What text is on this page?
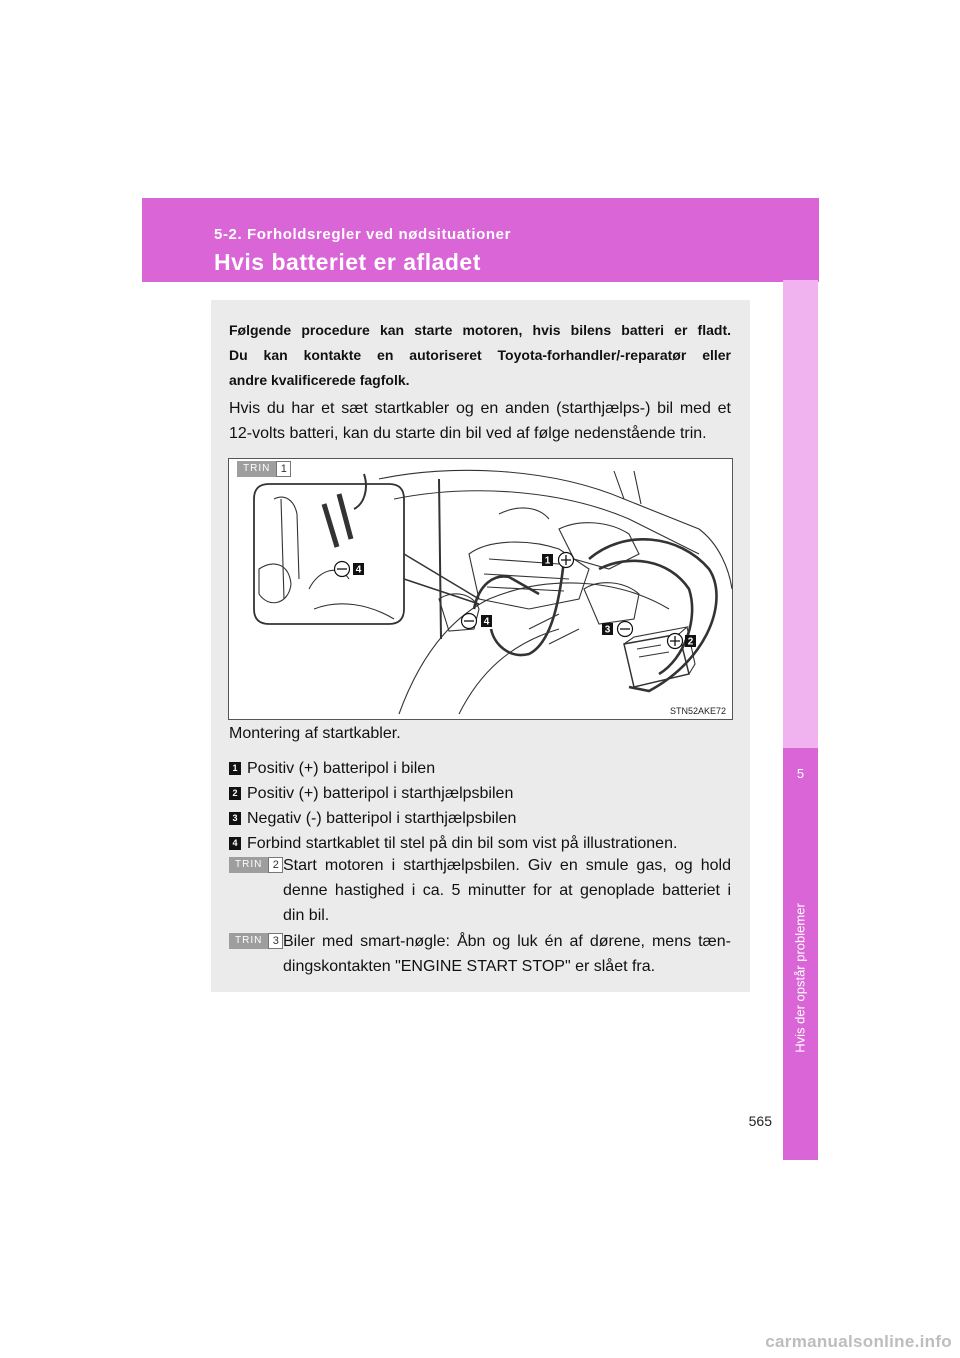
5-2. Forholdsregler ved nødsituationer
Hvis batteriet er afladet
5
Hvis der opstår problemer
Følgende procedure kan starte motoren, hvis bilens batteri er fladt.
Du kan kontakte en autoriseret Toyota-forhandler/-reparatør eller
andre kvalificerede fagfolk.
Hvis du har et sæt startkabler og en anden (starthjælps-) bil med et
12-volts batteri, kan du starte din bil ved af følge nedenstående trin.
1
2
3
4
4
TRIN 1
STN52AKE72
Montering af startkabler.
1 Positiv (+) batteripol i bilen
2 Positiv (+) batteripol i starthjælpsbilen
3 Negativ (-) batteripol i starthjælpsbilen
4 Forbind startkablet til stel på din bil som vist på illustrationen.
TRIN 2 Start motoren i starthjælpsbilen. Giv en smule gas, og hold
denne hastighed i ca. 5 minutter for at genoplade batteriet i
din bil.
TRIN 3 Biler med smart-nøgle: Åbn og luk én af dørene, mens tæn-
dingskontakten "ENGINE START STOP" er slået fra.
565
carmanualsonline.info
